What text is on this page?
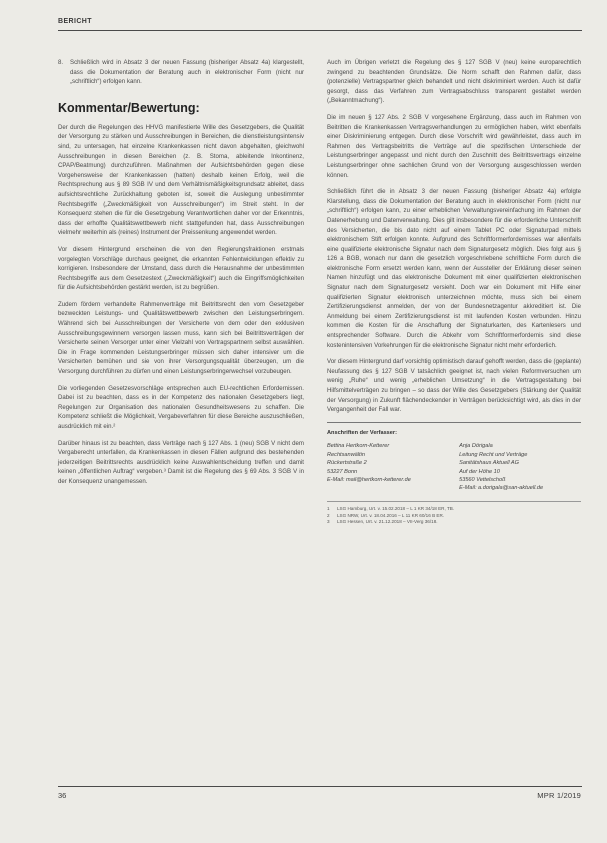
BERICHT
8.	Schließlich wird in Absatz 3 der neuen Fassung (bisheriger Absatz 4a) klargestellt, dass die Dokumentation der Beratung auch in elektronischer Form (nicht nur „schriftlich“) erfolgen kann.
Kommentar/Bewertung:

Der durch die Regelungen des HHVG manifestierte Wille des Gesetzgebers, die Qualität der Versorgung zu stärken und Ausschreibungen in Bereichen, die dienstleistungsintensiv sind, zu untersagen, hat einzelne Krankenkassen nicht davon abgehalten, gleichwohl Ausschreibungen in diesen Bereichen (z. B. Stoma, ableitende Inkontinenz, CPAP/Beatmung) durchzuführen. Maßnahmen der Aufsichtsbehörden gegen diese Vorgehensweise der Krankenkassen (hatten) deshalb keinen Erfolg, weil die Rechtsprechung aus § 89 SGB IV und dem Verhältnismäßigkeitsgrundsatz ableitet, dass aufsichtsrechtliche Zurückhaltung geboten ist, soweit die Auslegung unbestimmter Rechtsbegriffe („Zweckmäßigkeit von Ausschreibungen“) im Streit steht. In der Konsequenz stehen die für die Gesetzgebung Verantwortlichen daher vor der Erkenntnis, dass der erhoffte Qualitätswettbewerb nicht stattgefunden hat, dass Ausschreibungen vielmehr weiterhin als (reines) Instrument der Preissenkung angewendet werden.

Vor diesem Hintergrund erscheinen die von den Regierungsfraktionen erstmals vorgelegten Vorschläge durchaus geeignet, die erkannten Fehlentwicklungen effektiv zu korrigieren. Insbesondere der Umstand, dass durch die Herausnahme der unbestimmten Rechtsbegriffe aus dem Gesetzestext („Zweckmäßigkeit“) auch die Eingriffsmöglichkeiten für die Aufsichtsbehörden gestärkt werden, ist zu begrüßen.

Zudem fördern verhandelte Rahmenverträge mit Beitrittsrecht den vom Gesetzgeber bezweckten Leistungs- und Qualitätswettbewerb zwischen den Leistungserbringern. Während sich bei Ausschreibungen der Versicherte von dem oder den exklusiven Ausschreibungsgewinnern versorgen lassen muss, kann sich bei Beitrittsverträgen der Versicherte seinen Versorger unter einer Vielzahl von Vertragspartnern selbst auswählen. Die in Frage kommenden Leistungserbringer müssen sich daher intensiver um die Versicherten bemühen und sie von ihrer Versorgungsqualität überzeugen, um die Versorgung durchführen zu dürfen und einen Leistungserbringerwechsel vorzubeugen.

Die vorliegenden Gesetzesvorschläge entsprechen auch EU-rechtlichen Erfordernissen. Dabei ist zu beachten, dass es in der Kompetenz des nationalen Gesetzgebers liegt, Regelungen zur Organisation des nationalen Gesundheitswesens zu schaffen. Die Kompetenz schließt die Möglichkeit, Vergabeverfahren für diese Bereiche auszuschließen, ausdrücklich mit ein.²

Darüber hinaus ist zu beachten, dass Verträge nach § 127 Abs. 1 (neu) SGB V nicht dem Vergaberecht unterfallen, da Krankenkassen in diesen Fällen aufgrund des bestehenden jederzeitigen Beitrittsrechts ausdrücklich keine Auswahlentscheidung treffen und damit keinen „öffentlichen Auftrag“ vergeben.³ Damit ist die Regelung des § 69 Abs. 3 SGB V in der Konsequenz unangemessen.

Auch im Übrigen verletzt die Regelung des § 127 SGB V (neu) keine europarechtlich zwingend zu beachtenden Grundsätze. Die Norm schafft den Rahmen dafür, dass (potenzielle) Vertragspartner gleich behandelt und nicht diskriminiert werden. Auch ist dafür gesorgt, dass das Verfahren zum Vertragsabschluss transparent gestaltet werden („Bekanntmachung“).

Die im neuen § 127 Abs. 2 SGB V vorgesehene Ergänzung, dass auch im Rahmen von Beitritten die Krankenkassen Vertragsverhandlungen zu ermöglichen haben, wirkt ebenfalls einer Diskriminierung entgegen. Durch diese Vorschrift wird gewährleistet, dass auch im Rahmen des Vertragsbeitritts die Verträge auf die spezifischen Unterschiede der Leistungserbringer angepasst und nicht durch den Zuschnitt des Beitrittsvertrags einzelne Leistungserbringer ohne sachlichen Grund von der Versorgung ausgeschlossen werden können.

Schließlich führt die in Absatz 3 der neuen Fassung (bisheriger Absatz 4a) erfolgte Klarstellung, dass die Dokumentation der Beratung auch in elektronischer Form (nicht nur „schriftlich“) erfolgen kann, zu einer erheblichen Verwaltungsvereinfachung im Rahmen der Datenerhebung und Datenverwaltung. Dies gilt insbesondere für die erforderliche Unterschrift des Versicherten, die bis dato nicht auf einem Tablet PC oder Signaturpad mittels elektronischem Stift erfolgen konnte. Aufgrund des Schriftformerfordernisses war allenfalls eine qualifizierte elektronische Signatur nach dem Signaturgesetz möglich. Dies folgt aus § 126 a BGB, wonach nur dann die gesetzlich vorgeschriebene schriftliche Form durch die elektronische Form ersetzt werden kann, wenn der Aussteller der Erklärung dieser seinen Namen hinzufügt und das elektronische Dokument mit einer qualifizierten elektronischen Signatur nach dem Signaturgesetz versieht. Doch war ein Dokument mit Hilfe einer qualifizierten Signatur elektronisch unterzeichnen möchte, muss sich bei einem Zertifizierungsdienst anmelden, der von der Bundesnetzagentur akkreditiert ist. Die Anmeldung bei einem Zertifizierungsdienst ist mit laufenden Kosten verbunden. Hinzu kommen die Kosten für die Anschaffung der Signaturkarten, des Kartenlesers und entsprechender Software. Durch die Abkehr vom Schriftformerfordernis sind diese kostenintensiven Vorkehrungen für die elektronische Signatur nicht mehr erforderlich.

Vor diesem Hintergrund darf vorsichtig optimistisch darauf gehofft werden, dass die (geplante) Neufassung des § 127 SGB V tatsächlich geeignet ist, nach vielen Reformversuchen um wenig „Ruhe“ und wenig „erheblichen Umsetzung“ in die Vertragsgestaltung bei Hilfsmittelverträgen zu bringen – so dass der Wille des Gesetzgebers (Stärkung der Qualität der Versorgung) in Zukunft flächendeckender in Verträgen berücksichtigt wird, als dies in der Vergangenheit der Fall war.

Anschriften der Verfasser:
Bettina Hertkorn-Ketterer
Rechtsanwältin
Rückertstraße 2
53227 Bonn
E-Mail: mail@hertkorn-ketterer.de
Anja Dörigala
Leitung Recht und Verträge
Sanitätshaus Aktuell AG
Auf der Höhe 10
53560 Vettelschoß
E-Mail: a.dorigala@san-aktuell.de
1	LSG Hamburg, Urt. v. 15.02.2018 – L 1 KR 34/18 ER, TB.
2	LSG NRW, Urt. v. 18.04.2016 – L 11 KR 60/16 B ER.
3	LSG Hessen, Urt. v. 21.12.2018 – VII-Verg 36/18.
36	MPR 1/2019
